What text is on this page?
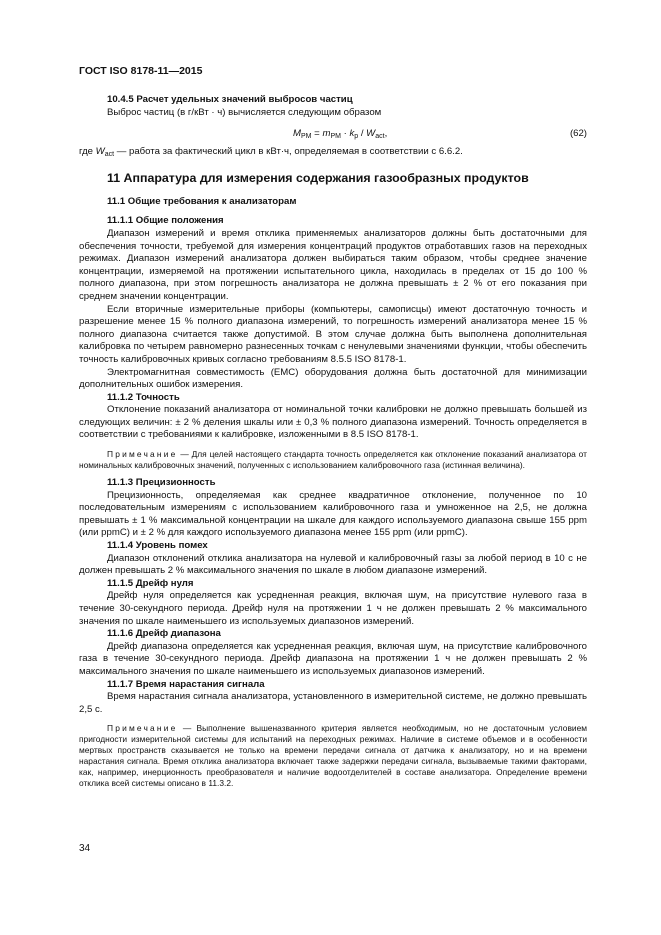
ГОСТ ISO 8178-11—2015

10.4.5 Расчет удельных значений выбросов частиц

Выброс частиц (в г/кВт · ч) вычисляется следующим образом

$M_{PM} = m_{PM} \cdot k_p / W_{act}$,	(62)

где $W_{act}$ — работа за фактический цикл в кВт·ч, определяемая в соответствии с 6.6.2.

11 Аппаратура для измерения содержания газообразных продуктов

11.1 Общие требования к анализаторам

11.1.1 Общие положения

Диапазон измерений и время отклика применяемых анализаторов должны быть достаточными для обеспечения точности, требуемой для измерения концентраций продуктов отработавших газов на переходных режимах. Диапазон измерений анализатора должен выбираться таким образом, чтобы среднее значение концентрации, измеряемой на протяжении испытательного цикла, находилась в пределах от 15 до 100 % полного диапазона, при этом погрешность анализатора не должна превышать ± 2 % от его показания при среднем значении концентрации.

Если вторичные измерительные приборы (компьютеры, самописцы) имеют достаточную точность и разрешение менее 15 % полного диапазона измерений, то погрешность измерений анализатора менее 15 % полного диапазона считается также допустимой. В этом случае должна быть выполнена дополнительная калибровка по четырем равномерно разнесенных точкам с ненулевыми значениями функции, чтобы обеспечить точность калибровочных кривых согласно требованиям 8.5.5 ISO 8178-1.

Электромагнитная совместимость (EMC) оборудования должна быть достаточной для минимизации дополнительных ошибок измерения.

11.1.2 Точность

Отклонение показаний анализатора от номинальной точки калибровки не должно превышать большей из следующих величин: ± 2 % деления шкалы или ± 0,3 % полного диапазона измерений. Точность определяется в соответствии с требованиями к калибровке, изложенными в 8.5 ISO 8178-1.

Примечание — Для целей настоящего стандарта точность определяется как отклонение показаний анализатора от номинальных калибровочных значений, полученных с использованием калибровочного газа (истинная величина).

11.1.3 Прецизионность

Прецизионность, определяемая как среднее квадратичное отклонение, полученное по 10 последовательным измерениям с использованием калибровочного газа и умноженное на 2,5, не должна превышать ± 1 % максимальной концентрации на шкале для каждого используемого диапазона свыше 155 ppm (или ppmC) и ± 2 % для каждого используемого диапазона менее 155 ppm (или ppmC).

11.1.4 Уровень помех

Диапазон отклонений отклика анализатора на нулевой и калибровочный газы за любой период в 10 с не должен превышать 2 % максимального значения по шкале в любом диапазоне измерений.

11.1.5 Дрейф нуля

Дрейф нуля определяется как усредненная реакция, включая шум, на присутствие нулевого газа в течение 30-секундного периода. Дрейф нуля на протяжении 1 ч не должен превышать 2 % максимального значения по шкале наименьшего из используемых диапазонов измерений.

11.1.6 Дрейф диапазона

Дрейф диапазона определяется как усредненная реакция, включая шум, на присутствие калибровочного газа в течение 30-секундного периода. Дрейф диапазона на протяжении 1 ч не должен превышать 2 % максимального значения по шкале наименьшего из используемых диапазонов измерений.

11.1.7 Время нарастания сигнала

Время нарастания сигнала анализатора, установленного в измерительной системе, не должно превышать 2,5 с.

Примечание — Выполнение вышеназванного критерия является необходимым, но не достаточным условием пригодности измерительной системы для испытаний на переходных режимах. Наличие в системе объемов и в особенности мертвых пространств сказывается не только на времени передачи сигнала от датчика к анализатору, но и на времени нарастания сигнала. Время отклика анализатора включает также задержки передачи сигнала, вызываемые такими факторами, как, например, инерционность преобразователя и наличие водоотделителей в составе анализатора. Определение времени отклика всей системы описано в 11.3.2.

34
